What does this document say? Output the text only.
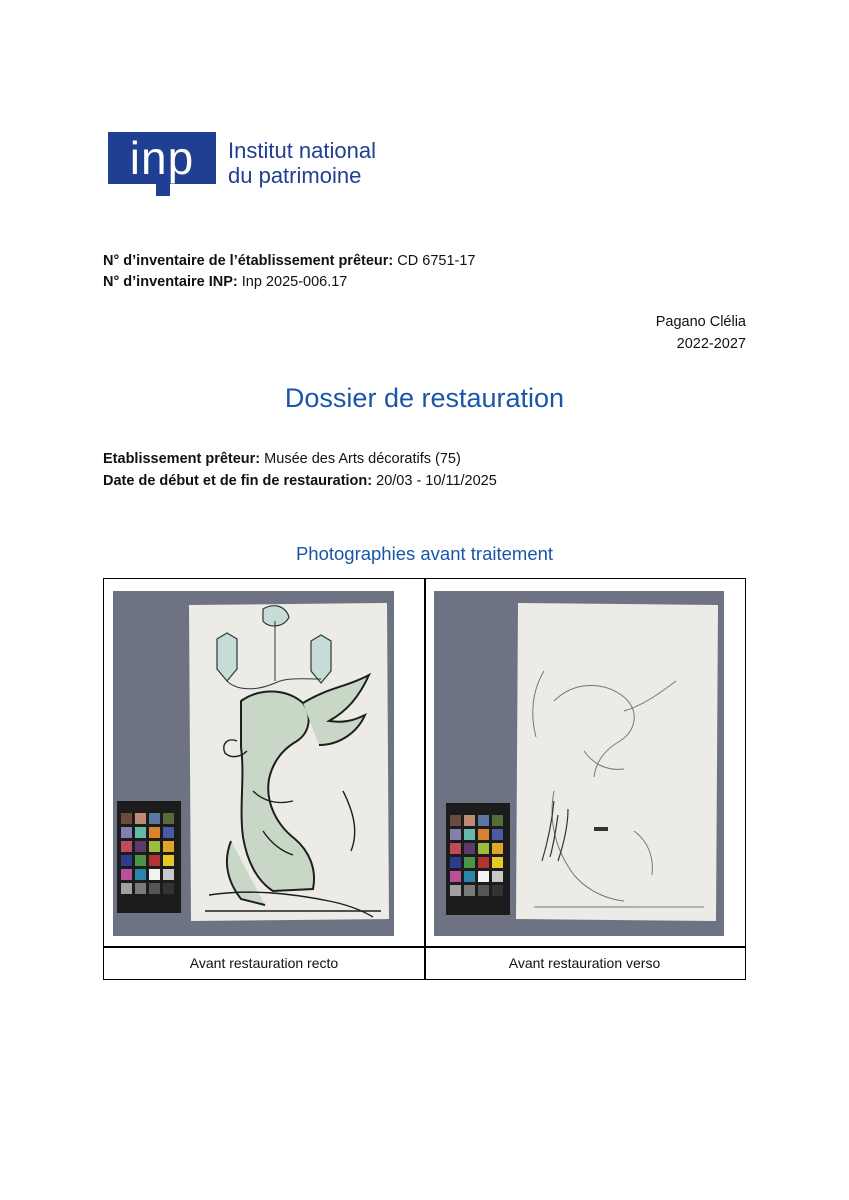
inp	Institut national
du patrimoine
N° d’inventaire de l’établissement prêteur: CD 6751-17
N° d’inventaire INP: Inp 2025-006.17
Pagano Clélia
2022-2027
Dossier de restauration
Etablissement prêteur: Musée des Arts décoratifs (75)
Date de début et de fin de restauration: 20/03 - 10/11/2025
Photographies avant traitement
Avant restauration recto	Avant restauration verso
